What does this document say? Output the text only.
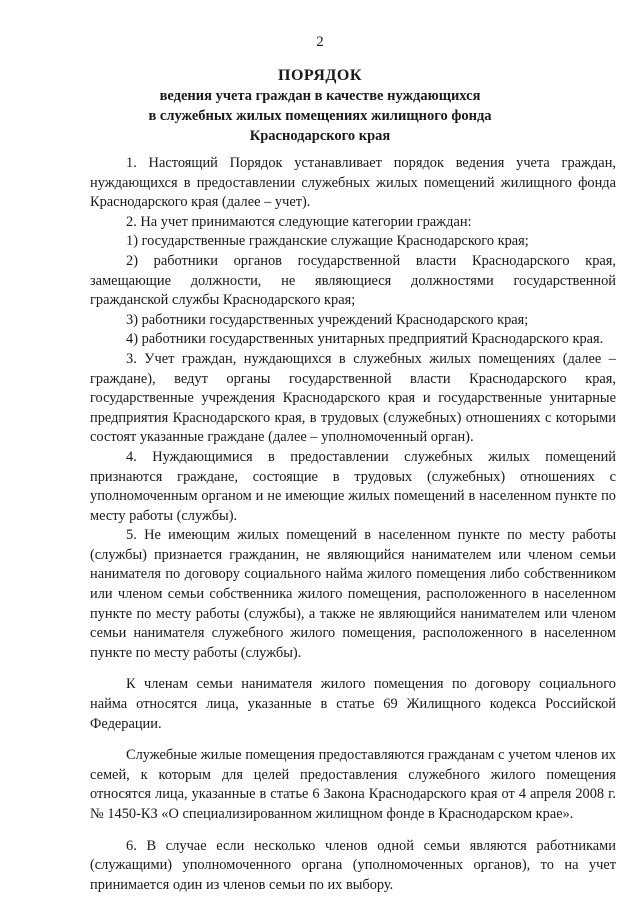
2
ПОРЯДОК
ведения учета граждан в качестве нуждающихся
в служебных жилых помещениях жилищного фонда
Краснодарского края

1. Настоящий Порядок устанавливает порядок ведения учета граждан, нуждающихся в предоставлении служебных жилых помещений жилищного фонда Краснодарского края (далее – учет).

2. На учет принимаются следующие категории граждан:

1) государственные гражданские служащие Краснодарского края;

2) работники органов государственной власти Краснодарского края, замещающие должности, не являющиеся должностями государственной гражданской службы Краснодарского края;

3) работники государственных учреждений Краснодарского края;

4) работники государственных унитарных предприятий Краснодарского края.

3. Учет граждан, нуждающихся в служебных жилых помещениях (далее – граждане), ведут органы государственной власти Краснодарского края, государственные учреждения Краснодарского края и государственные унитарные предприятия Краснодарского края, в трудовых (служебных) отношениях с которыми состоят указанные граждане (далее – уполномоченный орган).

4. Нуждающимися в предоставлении служебных жилых помещений признаются граждане, состоящие в трудовых (служебных) отношениях с уполномоченным органом и не имеющие жилых помещений в населенном пункте по месту работы (службы).

5. Не имеющим жилых помещений в населенном пункте по месту работы (службы) признается гражданин, не являющийся нанимателем или членом семьи нанимателя по договору социального найма жилого помещения либо собственником или членом семьи собственника жилого помещения, расположенного в населенном пункте по месту работы (службы), а также не являющийся нанимателем или членом семьи нанимателя служебного жилого помещения, расположенного в населенном пункте по месту работы (службы).

К членам семьи нанимателя жилого помещения по договору социального найма относятся лица, указанные в статье 69 Жилищного кодекса Российской Федерации.

Служебные жилые помещения предоставляются гражданам с учетом членов их семей, к которым для целей предоставления служебного жилого помещения относятся лица, указанные в статье 6 Закона Краснодарского края от 4 апреля 2008 г. № 1450-КЗ «О специализированном жилищном фонде в Краснодарском крае».

6. В случае если несколько членов одной семьи являются работниками (служащими) уполномоченного органа (уполномоченных органов), то на учет принимается один из членов семьи по их выбору.
